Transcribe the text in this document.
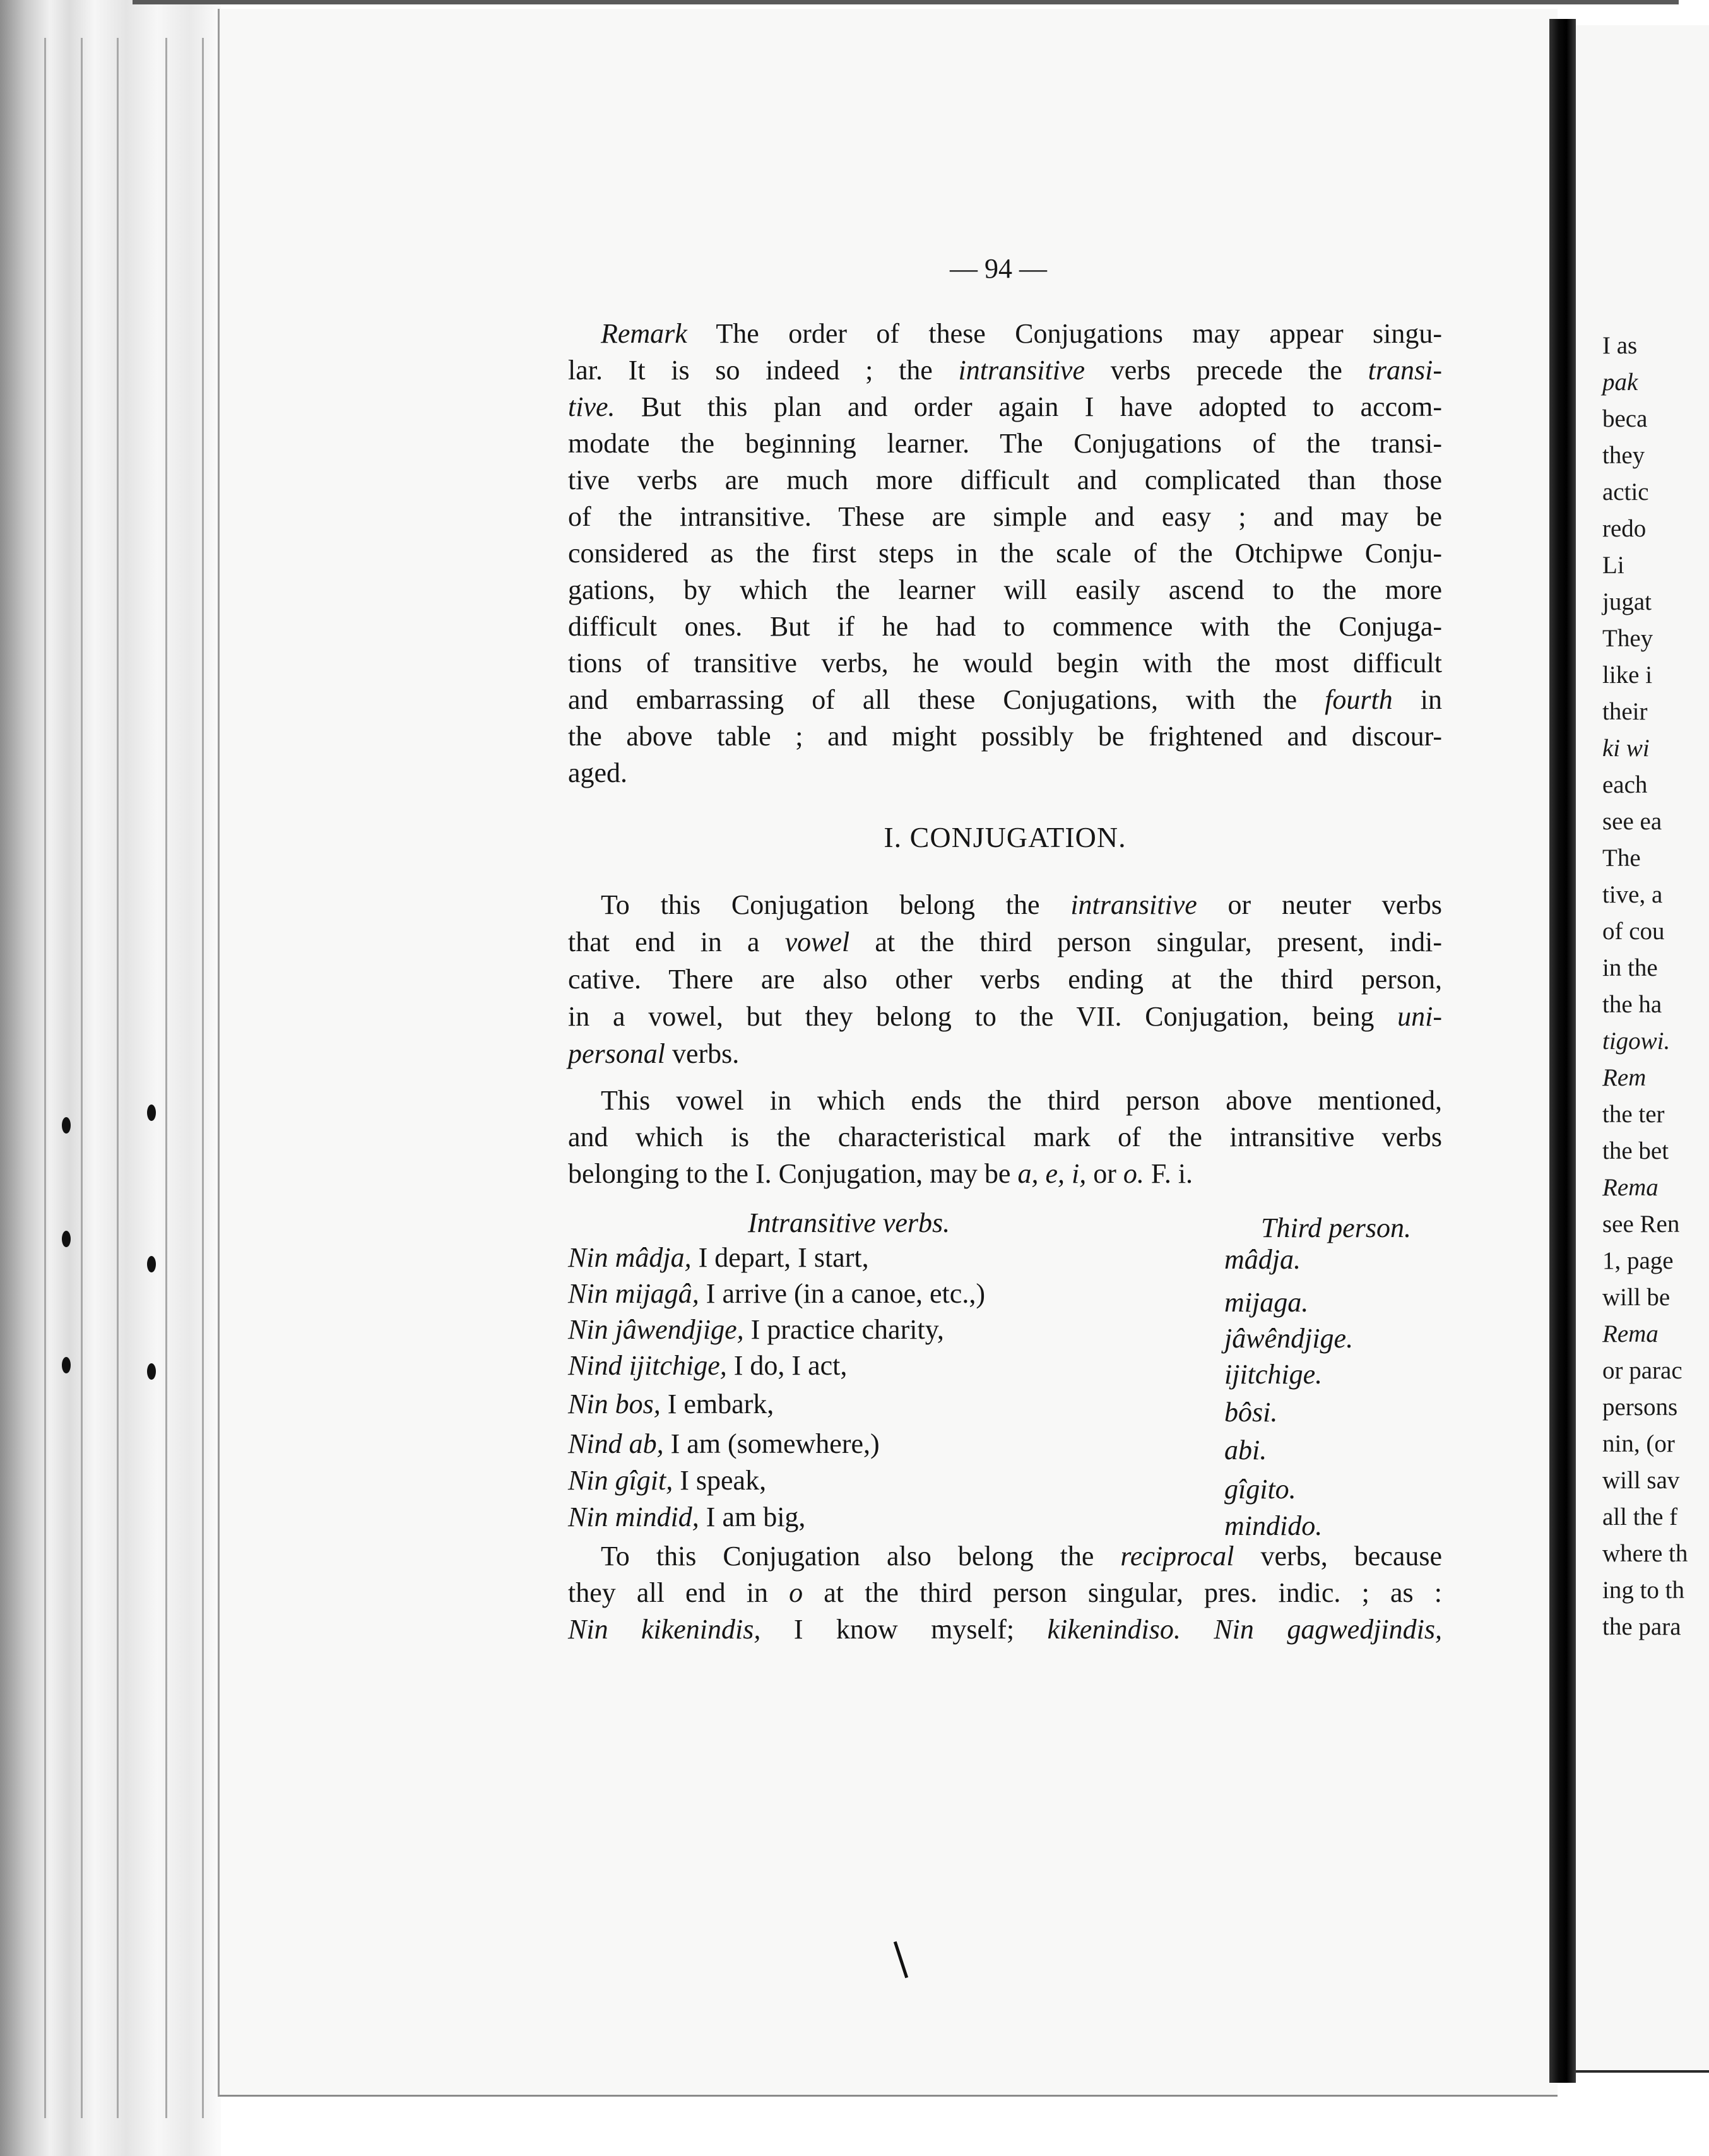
I as
pak
beca
they
actic
redo
Li
jugat
They
like i
their
ki wi
each
see ea
The
tive, a
of cou
in the
the ha
tigowi.
Rem
the ter
the bet
Rema
see Ren
1, page
will be
Rema
or parac
persons
nin, (or
will sav
all the f
where th
ing to th
the para
— 94 —
Remark The order of these Conjugations may appear singu-
lar. It is so indeed ; the intransitive verbs precede the transi-
tive. But this plan and order again I have adopted to accom-
modate the beginning learner. The Conjugations of the transi-
tive verbs are much more difficult and complicated than those
of the intransitive. These are simple and easy ; and may be
considered as the first steps in the scale of the Otchipwe Conju-
gations, by which the learner will easily ascend to the more
difficult ones. But if he had to commence with the Conjuga-
tions of transitive verbs, he would begin with the most difficult
and embarrassing of all these Conjugations, with the fourth in
the above table ; and might possibly be frightened and discour-
aged.
I. CONJUGATION.
To this Conjugation belong the intransitive or neuter verbs
that end in a vowel at the third person singular, present, indi-
cative. There are also other verbs ending at the third person,
in a vowel, but they belong to the VII. Conjugation, being uni-
personal verbs.
This vowel in which ends the third person above mentioned,
and which is the characteristical mark of the intransitive verbs
belonging to the I. Conjugation, may be a, e, i, or o. F. i.
Intransitive verbs.	Third person.
Nin mâdja, I depart, I start,	mâdja.
Nin mijagâ, I arrive (in a canoe, etc.,)	mijaga.
Nin jâwendjige, I practice charity,	jâwêndjige.
Nind ijitchige, I do, I act,	ijitchige.
Nin bos, I embark,	bôsi.
Nind ab, I am (somewhere,)	abi.
Nin gîgit, I speak,	gîgito.
Nin mindid, I am big,	mindido.
To this Conjugation also belong the reciprocal verbs, because
they all end in o at the third person singular, pres. indic. ; as :
Nin kikenindis, I know myself; kikenindiso. Nin gagwedjindis,
